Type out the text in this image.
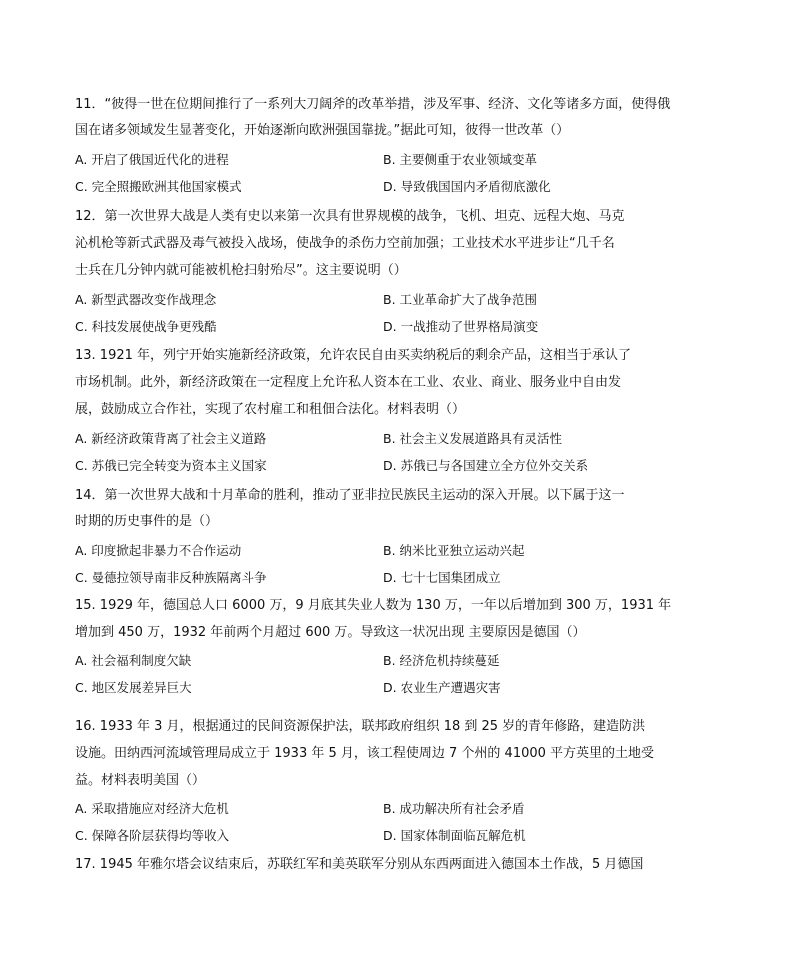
11．“彼得一世在位期间推行了一系列大刀阔斧的改革举措，涉及军事、经济、文化等诸多方面，使得俄
国在诸多领域发生显著变化，开始逐渐向欧洲强国靠拢。”据此可知，彼得一世改革（）
A. 开启了俄国近代化的进程	B. 主要侧重于农业领域变革
C. 完全照搬欧洲其他国家模式	D. 导致俄国国内矛盾彻底激化
12．第一次世界大战是人类有史以来第一次具有世界规模的战争，飞机、坦克、远程大炮、马克
沁机枪等新式武器及毒气被投入战场，使战争的杀伤力空前加强；工业技术水平进步让“几千名
士兵在几分钟内就可能被机枪扫射殆尽”。这主要说明（）
A. 新型武器改变作战理念	B. 工业革命扩大了战争范围
C. 科技发展使战争更残酷	D. 一战推动了世界格局演变
13. 1921 年，列宁开始实施新经济政策，允许农民自由买卖纳税后的剩余产品，这相当于承认了
市场机制。此外，新经济政策在一定程度上允许私人资本在工业、农业、商业、服务业中自由发
展，鼓励成立合作社，实现了农村雇工和租佃合法化。材料表明（）
A. 新经济政策背离了社会主义道路	B. 社会主义发展道路具有灵活性
C. 苏俄已完全转变为资本主义国家	D. 苏俄已与各国建立全方位外交关系
14．第一次世界大战和十月革命的胜利，推动了亚非拉民族民主运动的深入开展。以下属于这一
时期的历史事件的是（）
A. 印度掀起非暴力不合作运动	B. 纳米比亚独立运动兴起
C. 曼德拉领导南非反种族隔离斗争	D. 七十七国集团成立
15. 1929 年，德国总人口 6000 万，9 月底其失业人数为 130 万，一年以后增加到 300 万，1931 年
增加到 450 万，1932 年前两个月超过 600 万。导致这一状况出现 主要原因是德国（）
A. 社会福利制度欠缺	B. 经济危机持续蔓延
C. 地区发展差异巨大	D. 农业生产遭遇灾害
16. 1933 年 3 月，根据通过的民间资源保护法，联邦政府组织 18 到 25 岁的青年修路，建造防洪
设施。田纳西河流域管理局成立于 1933 年 5 月，该工程使周边 7 个州的 41000 平方英里的土地受
益。材料表明美国（）
A. 采取措施应对经济大危机	B. 成功解决所有社会矛盾
C. 保障各阶层获得均等收入	D. 国家体制面临瓦解危机
17. 1945 年雅尔塔会议结束后，苏联红军和美英联军分别从东西两面进入德国本土作战，5 月德国
